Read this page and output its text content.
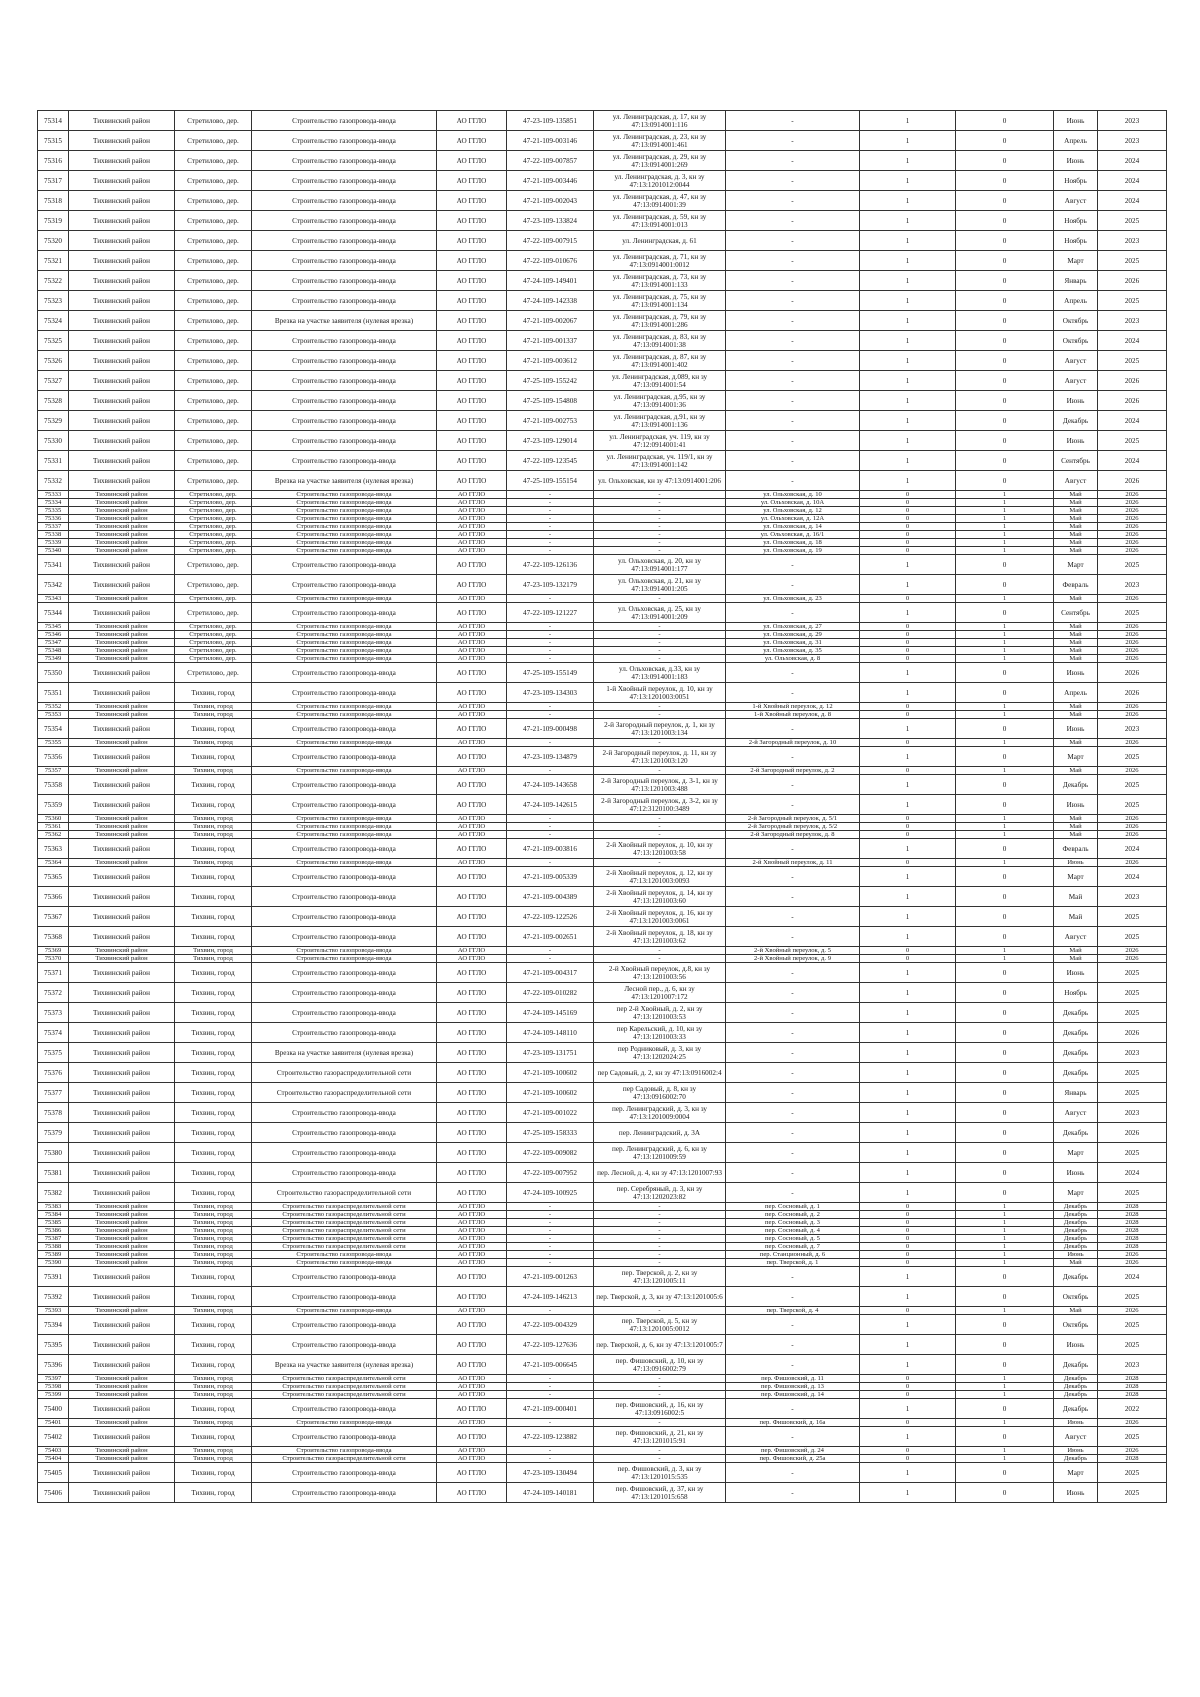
75314	Тихвинский район	Стретилово, дер.	Строительство газопровода-ввода	АО ГГЛО	47-23-109-135851	ул. Ленинградская, д. 17, кн зу 47:13:0914001:116	-	1	0	Июнь	2023
75315	Тихвинский район	Стретилово, дер.	Строительство газопровода-ввода	АО ГГЛО	47-21-109-003146	ул. Ленинградская, д. 23, кн зу 47:13:0914001:461	-	1	0	Апрель	2023
75316	Тихвинский район	Стретилово, дер.	Строительство газопровода-ввода	АО ГГЛО	47-22-109-007857	ул. Ленинградская, д. 29, кн зу 47:13:0914001:269	-	1	0	Июнь	2024
75317	Тихвинский район	Стретилово, дер.	Строительство газопровода-ввода	АО ГГЛО	47-21-109-003446	ул. Ленинградская, д. 3, кн зу 47:13:1201012:0044	-	1	0	Ноябрь	2024
75318	Тихвинский район	Стретилово, дер.	Строительство газопровода-ввода	АО ГГЛО	47-21-109-002043	ул. Ленинградская, д. 47, кн зу 47:13:0914001:39	-	1	0	Август	2024
75319	Тихвинский район	Стретилово, дер.	Строительство газопровода-ввода	АО ГГЛО	47-23-109-133824	ул. Ленинградская, д. 59, кн зу 47:13:0914001:013	-	1	0	Ноябрь	2025
75320	Тихвинский район	Стретилово, дер.	Строительство газопровода-ввода	АО ГГЛО	47-22-109-007915	ул. Ленинградская, д. 61	-	1	0	Ноябрь	2023
75321	Тихвинский район	Стретилово, дер.	Строительство газопровода-ввода	АО ГГЛО	47-22-109-010676	ул. Ленинградская, д. 71, кн зу 47:13:0914001:0012	-	1	0	Март	2025
75322	Тихвинский район	Стретилово, дер.	Строительство газопровода-ввода	АО ГГЛО	47-24-109-149401	ул. Ленинградская, д. 73, кн зу 47:13:0914001:133	-	1	0	Январь	2026
75323	Тихвинский район	Стретилово, дер.	Строительство газопровода-ввода	АО ГГЛО	47-24-109-142338	ул. Ленинградская, д. 75, кн зу 47:13:0914001:134	-	1	0	Апрель	2025
75324	Тихвинский район	Стретилово, дер.	Врезка на участке заявителя (нулевая врезка)	АО ГГЛО	47-21-109-002067	ул. Ленинградская, д. 79, кн зу 47:13:0914001:286	-	1	0	Октябрь	2023
75325	Тихвинский район	Стретилово, дер.	Строительство газопровода-ввода	АО ГГЛО	47-21-109-001337	ул. Ленинградская, д. 83, кн зу 47:13:0914001:38	-	1	0	Октябрь	2024
75326	Тихвинский район	Стретилово, дер.	Строительство газопровода-ввода	АО ГГЛО	47-21-109-003612	ул. Ленинградская, д. 87, кн зу 47:13:0914001:402	-	1	0	Август	2025
75327	Тихвинский район	Стретилово, дер.	Строительство газопровода-ввода	АО ГГЛО	47-25-109-155242	ул. Ленинградская, д.089, кн зу 47:13:0914001:54	-	1	0	Август	2026
75328	Тихвинский район	Стретилово, дер.	Строительство газопровода-ввода	АО ГГЛО	47-25-109-154808	ул. Ленинградская, д.95, кн зу 47:13:0914001:36	-	1	0	Июнь	2026
75329	Тихвинский район	Стретилово, дер.	Строительство газопровода-ввода	АО ГГЛО	47-21-109-002753	ул. Ленинградская, д.91, кн зу 47:13:0914001:136	-	1	0	Декабрь	2024
75330	Тихвинский район	Стретилово, дер.	Строительство газопровода-ввода	АО ГГЛО	47-23-109-129014	ул. Ленинградская, уч. 119, кн зу 47:12:0914001:41	-	1	0	Июнь	2025
75331	Тихвинский район	Стретилово, дер.	Строительство газопровода-ввода	АО ГГЛО	47-22-109-123545	ул. Ленинградская, уч. 119/1, кн зу 47:13:0914001:142	-	1	0	Сентябрь	2024
75332	Тихвинский район	Стретилово, дер.	Врезка на участке заявителя (нулевая врезка)	АО ГГЛО	47-25-109-155154	ул. Ольховская, кн зу 47:13:0914001:206	-	1	0	Август	2026
75333	Тихвинский район	Стретилово, дер.	Строительство газопровода-ввода	АО ГГЛО	-	-	ул. Ольховская, д. 10	0	1	Май	2026
75334	Тихвинский район	Стретилово, дер.	Строительство газопровода-ввода	АО ГГЛО	-	-	ул. Ольховская, д. 10А	0	1	Май	2026
75335	Тихвинский район	Стретилово, дер.	Строительство газопровода-ввода	АО ГГЛО	-	-	ул. Ольховская, д. 12	0	1	Май	2026
75336	Тихвинский район	Стретилово, дер.	Строительство газопровода-ввода	АО ГГЛО	-	-	ул. Ольховская, д. 12А	0	1	Май	2026
75337	Тихвинский район	Стретилово, дер.	Строительство газопровода-ввода	АО ГГЛО	-	-	ул. Ольховская, д. 14	0	1	Май	2026
75338	Тихвинский район	Стретилово, дер.	Строительство газопровода-ввода	АО ГГЛО	-	-	ул. Ольховская, д. 16/1	0	1	Май	2026
75339	Тихвинский район	Стретилово, дер.	Строительство газопровода-ввода	АО ГГЛО	-	-	ул. Ольховская, д. 18	0	1	Май	2026
75340	Тихвинский район	Стретилово, дер.	Строительство газопровода-ввода	АО ГГЛО	-	-	ул. Ольховская, д. 19	0	1	Май	2026
75341	Тихвинский район	Стретилово, дер.	Строительство газопровода-ввода	АО ГГЛО	47-22-109-126136	ул. Ольховская, д. 20, кн зу 47:13:0914001:177	-	1	0	Март	2025
75342	Тихвинский район	Стретилово, дер.	Строительство газопровода-ввода	АО ГГЛО	47-23-109-132179	ул. Ольховская, д. 21, кн зу 47:13:0914001:205	-	1	0	Февраль	2023
75343	Тихвинский район	Стретилово, дер.	Строительство газопровода-ввода	АО ГГЛО	-	-	ул. Ольховская, д. 23	0	1	Май	2026
75344	Тихвинский район	Стретилово, дер.	Строительство газопровода-ввода	АО ГГЛО	47-22-109-121227	ул. Ольховская, д. 25, кн зу 47:13:0914001:209	-	1	0	Сентябрь	2025
75345	Тихвинский район	Стретилово, дер.	Строительство газопровода-ввода	АО ГГЛО	-	-	ул. Ольховская, д. 27	0	1	Май	2026
75346	Тихвинский район	Стретилово, дер.	Строительство газопровода-ввода	АО ГГЛО	-	-	ул. Ольховская, д. 29	0	1	Май	2026
75347	Тихвинский район	Стретилово, дер.	Строительство газопровода-ввода	АО ГГЛО	-	-	ул. Ольховская, д. 31	0	1	Май	2026
75348	Тихвинский район	Стретилово, дер.	Строительство газопровода-ввода	АО ГГЛО	-	-	ул. Ольховская, д. 35	0	1	Май	2026
75349	Тихвинский район	Стретилово, дер.	Строительство газопровода-ввода	АО ГГЛО	-	-	ул. Ольховская, д. 8	0	1	Май	2026
75350	Тихвинский район	Стретилово, дер.	Строительство газопровода-ввода	АО ГГЛО	47-25-109-155149	ул. Ольховская, д.33, кн зу 47:13:0914001:183	-	1	0	Июнь	2026
75351	Тихвинский район	Тихвин, город	Строительство газопровода-ввода	АО ГГЛО	47-23-109-134303	1-й Хвойный переулок, д. 10, кн зу 47:13:1201003:0051	-	1	0	Апрель	2026
75352	Тихвинский район	Тихвин, город	Строительство газопровода-ввода	АО ГГЛО	-	-	1-й Хвойный переулок, д. 12	0	1	Май	2026
75353	Тихвинский район	Тихвин, город	Строительство газопровода-ввода	АО ГГЛО	-	-	1-й Хвойный переулок, д. 8	0	1	Май	2026
75354	Тихвинский район	Тихвин, город	Строительство газопровода-ввода	АО ГГЛО	47-21-109-000498	2-й Загородный переулок, д. 1, кн зу 47:13:1201003:134	-	1	0	Июнь	2023
75355	Тихвинский район	Тихвин, город	Строительство газопровода-ввода	АО ГГЛО	-	-	2-й Загородный переулок, д. 10	0	1	Май	2026
75356	Тихвинский район	Тихвин, город	Строительство газопровода-ввода	АО ГГЛО	47-23-109-134879	2-й Загородный переулок, д. 11, кн зу 47:13:1201003:120	-	1	0	Март	2025
75357	Тихвинский район	Тихвин, город	Строительство газопровода-ввода	АО ГГЛО	-	-	2-й Загородный переулок, д. 2	0	1	Май	2026
75358	Тихвинский район	Тихвин, город	Строительство газопровода-ввода	АО ГГЛО	47-24-109-143658	2-й Загородный переулок, д. 3-1, кн зу 47:13:1201003:488	-	1	0	Декабрь	2025
75359	Тихвинский район	Тихвин, город	Строительство газопровода-ввода	АО ГГЛО	47-24-109-142615	2-й Загородный переулок, д. 3-2, кн зу 47:12:3120100:3489	-	1	0	Июнь	2025
75360	Тихвинский район	Тихвин, город	Строительство газопровода-ввода	АО ГГЛО	-	-	2-й Загородный переулок, д. 5/1	0	1	Май	2026
75361	Тихвинский район	Тихвин, город	Строительство газопровода-ввода	АО ГГЛО	-	-	2-й Загородный переулок, д. 5/2	0	1	Май	2026
75362	Тихвинский район	Тихвин, город	Строительство газопровода-ввода	АО ГГЛО	-	-	2-й Загородный переулок, д. 8	0	1	Май	2026
75363	Тихвинский район	Тихвин, город	Строительство газопровода-ввода	АО ГГЛО	47-21-109-003816	2-й Хвойный переулок, д. 10, кн зу 47:13:1201003:58	-	1	0	Февраль	2024
75364	Тихвинский район	Тихвин, город	Строительство газопровода-ввода	АО ГГЛО	-	-	2-й Хвойный переулок, д. 11	0	1	Июнь	2026
75365	Тихвинский район	Тихвин, город	Строительство газопровода-ввода	АО ГГЛО	47-21-109-005339	2-й Хвойный переулок, д. 12, кн зу 47:13:1201003:0093	-	1	0	Март	2024
75366	Тихвинский район	Тихвин, город	Строительство газопровода-ввода	АО ГГЛО	47-21-109-004389	2-й Хвойный переулок, д. 14, кн зу 47:13:1201003:60	-	1	0	Май	2023
75367	Тихвинский район	Тихвин, город	Строительство газопровода-ввода	АО ГГЛО	47-22-109-122526	2-й Хвойный переулок, д. 16, кн зу 47:13:1201003:0061	-	1	0	Май	2025
75368	Тихвинский район	Тихвин, город	Строительство газопровода-ввода	АО ГГЛО	47-21-109-002651	2-й Хвойный переулок, д. 18, кн зу 47:13:1201003:62	-	1	0	Август	2025
75369	Тихвинский район	Тихвин, город	Строительство газопровода-ввода	АО ГГЛО	-	-	2-й Хвойный переулок, д. 5	0	1	Май	2026
75370	Тихвинский район	Тихвин, город	Строительство газопровода-ввода	АО ГГЛО	-	-	2-й Хвойный переулок, д. 9	0	1	Май	2026
75371	Тихвинский район	Тихвин, город	Строительство газопровода-ввода	АО ГГЛО	47-21-109-004317	2-й Хвойный переулок, д.8, кн зу 47:13:1201003:56	-	1	0	Июнь	2025
75372	Тихвинский район	Тихвин, город	Строительство газопровода-ввода	АО ГГЛО	47-22-109-010282	Лесной пер., д. 6, кн зу 47:13:1201007:172	-	1	0	Ноябрь	2025
75373	Тихвинский район	Тихвин, город	Строительство газопровода-ввода	АО ГГЛО	47-24-109-145169	пер 2-й Хвойный, д. 2, кн зу 47:13:1201003:53	-	1	0	Декабрь	2025
75374	Тихвинский район	Тихвин, город	Строительство газопровода-ввода	АО ГГЛО	47-24-109-148110	пер Карельский, д. 10, кн зу 47:13:1201003:33	-	1	0	Декабрь	2026
75375	Тихвинский район	Тихвин, город	Врезка на участке заявителя (нулевая врезка)	АО ГГЛО	47-23-109-131751	пер Родниковый, д. 3, кн зу 47:13:1202024:25	-	1	0	Декабрь	2023
75376	Тихвинский район	Тихвин, город	Строительство газораспределительной сети	АО ГГЛО	47-21-109-100602	пер Садовый, д. 2, кн зу 47:13:0916002:4	-	1	0	Декабрь	2025
75377	Тихвинский район	Тихвин, город	Строительство газораспределительной сети	АО ГГЛО	47-21-109-100602	пер Садовый, д. 8, кн зу 47:13:0916002:70	-	1	0	Январь	2025
75378	Тихвинский район	Тихвин, город	Строительство газопровода-ввода	АО ГГЛО	47-21-109-001022	пер. Ленинградский, д. 3, кн зу 47:13:1201009:0004	-	1	0	Август	2023
75379	Тихвинский район	Тихвин, город	Строительство газопровода-ввода	АО ГГЛО	47-25-109-158333	пер. Ленинградский, д. 3А	-	1	0	Декабрь	2026
75380	Тихвинский район	Тихвин, город	Строительство газопровода-ввода	АО ГГЛО	47-22-109-009082	пер. Ленинградский, д. 6, кн зу 47:13:1201009:59	-	1	0	Март	2025
75381	Тихвинский район	Тихвин, город	Строительство газопровода-ввода	АО ГГЛО	47-22-109-007952	пер. Лесной, д. 4, кн зу 47:13:1201007:93	-	1	0	Июнь	2024
75382	Тихвинский район	Тихвин, город	Строительство газораспределительной сети	АО ГГЛО	47-24-109-100925	пер. Серебряный, д. 3, кн зу 47:13:1202023:82	-	1	0	Март	2025
75383	Тихвинский район	Тихвин, город	Строительство газораспределительной сети	АО ГГЛО	-	-	пер. Сосновый, д. 1	0	1	Декабрь	2028
75384	Тихвинский район	Тихвин, город	Строительство газораспределительной сети	АО ГГЛО	-	-	пер. Сосновый, д. 2	0	1	Декабрь	2028
75385	Тихвинский район	Тихвин, город	Строительство газораспределительной сети	АО ГГЛО	-	-	пер. Сосновый, д. 3	0	1	Декабрь	2028
75386	Тихвинский район	Тихвин, город	Строительство газораспределительной сети	АО ГГЛО	-	-	пер. Сосновый, д. 4	0	1	Декабрь	2028
75387	Тихвинский район	Тихвин, город	Строительство газораспределительной сети	АО ГГЛО	-	-	пер. Сосновый, д. 5	0	1	Декабрь	2028
75388	Тихвинский район	Тихвин, город	Строительство газораспределительной сети	АО ГГЛО	-	-	пер. Сосновый, д. 7	0	1	Декабрь	2028
75389	Тихвинский район	Тихвин, город	Строительство газопровода-ввода	АО ГГЛО	-	-	пер. Станционный, д. 6	0	1	Июнь	2026
75390	Тихвинский район	Тихвин, город	Строительство газопровода-ввода	АО ГГЛО	-	-	пер. Тверской, д. 1	0	1	Май	2026
75391	Тихвинский район	Тихвин, город	Строительство газопровода-ввода	АО ГГЛО	47-21-109-001263	пер. Тверской, д. 2, кн зу 47:13:1201005:11	-	1	0	Декабрь	2024
75392	Тихвинский район	Тихвин, город	Строительство газопровода-ввода	АО ГГЛО	47-24-109-146213	пер. Тверской, д. 3, кн зу 47:13:1201005:6	-	1	0	Октябрь	2025
75393	Тихвинский район	Тихвин, город	Строительство газопровода-ввода	АО ГГЛО	-	-	пер. Тверской, д. 4	0	1	Май	2026
75394	Тихвинский район	Тихвин, город	Строительство газопровода-ввода	АО ГГЛО	47-22-109-004329	пер. Тверской, д. 5, кн зу 47:13:1201005:0012	-	1	0	Октябрь	2025
75395	Тихвинский район	Тихвин, город	Строительство газопровода-ввода	АО ГГЛО	47-22-109-127636	пер. Тверской, д. 6, кн зу 47:13:1201005:7	-	1	0	Июнь	2025
75396	Тихвинский район	Тихвин, город	Врезка на участке заявителя (нулевая врезка)	АО ГГЛО	47-21-109-006645	пер. Фишовский, д. 10, кн зу 47:13:0916002:79	-	1	0	Декабрь	2023
75397	Тихвинский район	Тихвин, город	Строительство газораспределительной сети	АО ГГЛО	-	-	пер. Фишовский, д. 11	0	1	Декабрь	2028
75398	Тихвинский район	Тихвин, город	Строительство газораспределительной сети	АО ГГЛО	-	-	пер. Фишовский, д. 13	0	1	Декабрь	2028
75399	Тихвинский район	Тихвин, город	Строительство газораспределительной сети	АО ГГЛО	-	-	пер. Фишовский, д. 14	0	1	Декабрь	2028
75400	Тихвинский район	Тихвин, город	Строительство газопровода-ввода	АО ГГЛО	47-21-109-000401	пер. Фишовский, д. 16, кн зу 47:13:0916002:5	-	1	0	Декабрь	2022
75401	Тихвинский район	Тихвин, город	Строительство газопровода-ввода	АО ГГЛО	-	-	пер. Фишовский, д. 16а	0	1	Июнь	2026
75402	Тихвинский район	Тихвин, город	Строительство газопровода-ввода	АО ГГЛО	47-22-109-123882	пер. Фишовский, д. 21, кн зу 47:13:1201015:91	-	1	0	Август	2025
75403	Тихвинский район	Тихвин, город	Строительство газопровода-ввода	АО ГГЛО	-	-	пер. Фишовский, д. 24	0	1	Июнь	2026
75404	Тихвинский район	Тихвин, город	Строительство газораспределительной сети	АО ГГЛО	-	-	пер. Фишовский, д. 25а	0	1	Декабрь	2028
75405	Тихвинский район	Тихвин, город	Строительство газопровода-ввода	АО ГГЛО	47-23-109-130494	пер. Фишовский, д. 3, кн зу 47:13:1201015:535	-	1	0	Март	2025
75406	Тихвинский район	Тихвин, город	Строительство газопровода-ввода	АО ГГЛО	47-24-109-140181	пер. Фишовский, д. 37, кн зу 47:13:1201015:658	-	1	0	Июнь	2025
